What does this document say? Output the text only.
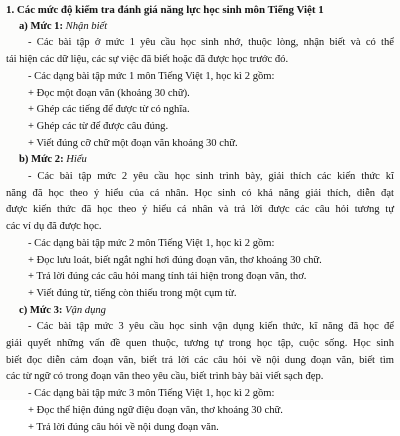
1. Các mức độ kiểm tra đánh giá năng lực học sinh môn Tiếng Việt 1
a) Mức 1: Nhận biết
- Các bài tập ở mức 1 yêu cầu học sinh nhớ, thuộc lòng, nhận biết và có thể
tái hiện các dữ liệu, các sự việc đã biết hoặc đã được học trước đó.
- Các dạng bài tập mức 1 môn Tiếng Việt 1, học kì 2 gồm:
+ Đọc một đoạn văn (khoảng 30 chữ).
+ Ghép các tiếng để được từ có nghĩa.
+ Ghép các từ để được câu đúng.
+ Viết đúng cỡ chữ một đoạn văn khoảng 30 chữ.
b) Mức 2: Hiểu
- Các bài tập mức 2 yêu cầu học sinh trình bày, giải thích các kiến thức kĩ
năng đã học theo ý hiểu của cá nhân. Học sinh có khả năng giải thích, diễn đạt
được kiến thức đã học theo ý hiểu cá nhân và trả lời được các câu hỏi tương tự
các ví dụ đã được học.
- Các dạng bài tập mức 2 môn Tiếng Việt 1, học kì 2 gồm:
+ Đọc lưu loát, biết ngắt nghỉ hơi đúng đoạn văn, thơ khoảng 30 chữ.
+ Trả lời đúng các câu hỏi mang tính tái hiện trong đoạn văn, thơ.
+ Viết đúng từ, tiếng còn thiếu trong một cụm từ.
c) Mức 3: Vận dụng
- Các bài tập mức 3 yêu cầu học sinh vận dụng kiến thức, kĩ năng đã học để
giải quyết những vấn đề quen thuộc, tương tự trong học tập, cuộc sống. Học sinh
biết đọc diễn cảm đoạn văn, biết trả lời các câu hỏi về nội dung đoạn văn, biết tìm
các từ ngữ có trong đoạn văn theo yêu cầu, biết trình bày bài viết sạch đẹp.
- Các dạng bài tập mức 3 môn Tiếng Việt 1, học kì 2 gồm:
+ Đọc thể hiện đúng ngữ điệu đoạn văn, thơ khoảng 30 chữ.
+ Trả lời đúng câu hỏi về nội dung đoạn văn.
